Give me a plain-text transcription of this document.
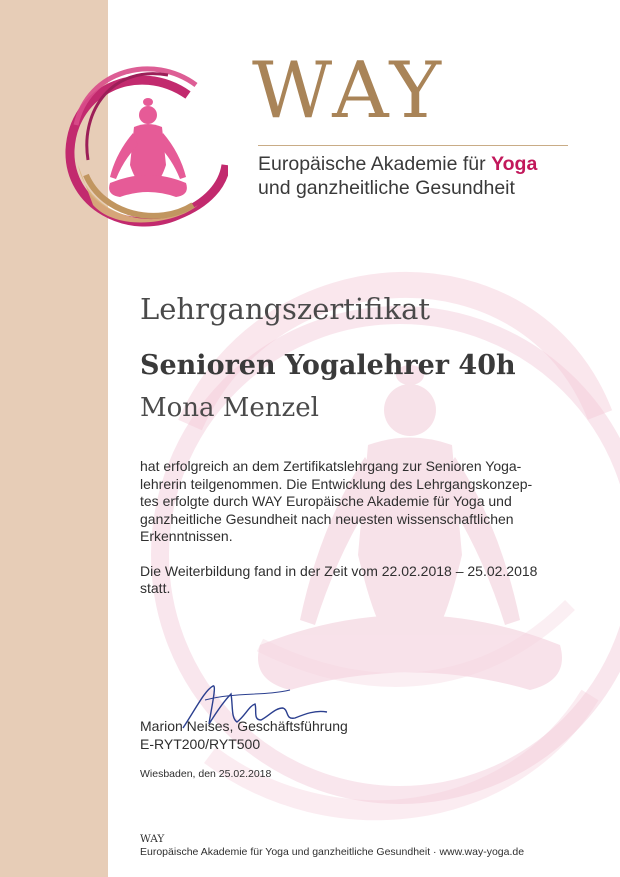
WAY
Europäische Akademie für Yoga
und ganzheitliche Gesundheit
Lehrgangszertifikat
Senioren Yogalehrer 40h
Mona Menzel

hat erfolgreich an dem Zertifikatslehrgang zur Senioren Yoga-
lehrerin teilgenommen. Die Entwicklung des Lehrgangskonzep-
tes erfolgte durch WAY Europäische Akademie für Yoga und
ganzheitliche Gesundheit nach neuesten wissenschaftlichen
Erkenntnissen.

Die Weiterbildung fand in der Zeit vom 22.02.2018 – 25.02.2018
statt.

Marion Neises, Geschäftsführung
E-RYT200/RYT500
Wiesbaden, den 25.02.2018
WAY
Europäische Akademie für Yoga und ganzheitliche Gesundheit · www.way-yoga.de
